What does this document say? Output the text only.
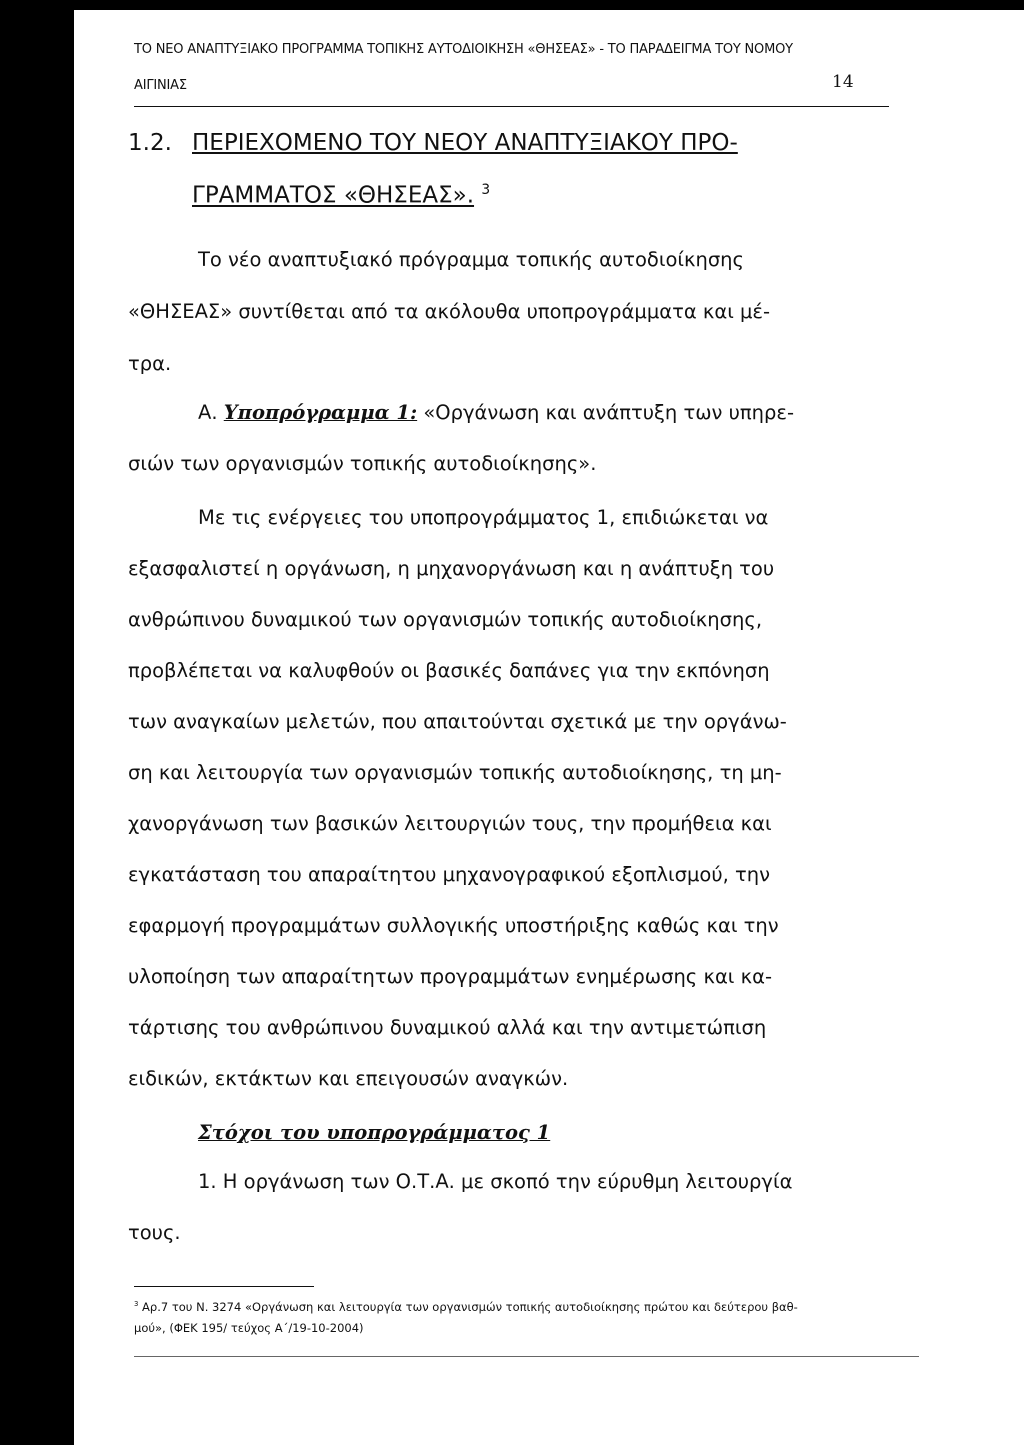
ΤΟ ΝΕΟ ΑΝΑΠΤΥΞΙΑΚΟ ΠΡΟΓΡΑΜΜΑ ΤΟΠΙΚΗΣ ΑΥΤΟΔΙΟΙΚΗΣΗ «ΘΗΣΕΑΣ» - ΤΟ ΠΑΡΑΔΕΙΓΜΑ ΤΟΥ ΝΟΜΟΥ
ΑΙΓΙΝΙΑΣ	14
1.2. ΠΕΡΙΕΧΟΜΕΝΟ ΤΟΥ ΝΕΟΥ ΑΝΑΠΤΥΞΙΑΚΟΥ ΠΡΟ-
ΓΡΑΜΜΑΤΟΣ «ΘΗΣΕΑΣ». $^3$
Το νέο αναπτυξιακό πρόγραμμα τοπικής αυτοδιοίκησης
«ΘΗΣΕΑΣ» συντίθεται από τα ακόλουθα υποπρογράμματα και μέ-
τρα.
Α. Υποπρόγραμμα 1: «Οργάνωση και ανάπτυξη των υπηρε-
σιών των οργανισμών τοπικής αυτοδιοίκησης».
Με τις ενέργειες του υποπρογράμματος 1, επιδιώκεται να
εξασφαλιστεί η οργάνωση, η μηχανοργάνωση και η ανάπτυξη του
ανθρώπινου δυναμικού των οργανισμών τοπικής αυτοδιοίκησης,
προβλέπεται να καλυφθούν οι βασικές δαπάνες για την εκπόνηση
των αναγκαίων μελετών, που απαιτούνται σχετικά με την οργάνω-
ση και λειτουργία των οργανισμών τοπικής αυτοδιοίκησης, τη μη-
χανοργάνωση των βασικών λειτουργιών τους, την προμήθεια και
εγκατάσταση του απαραίτητου μηχανογραφικού εξοπλισμού, την
εφαρμογή προγραμμάτων συλλογικής υποστήριξης καθώς και την
υλοποίηση των απαραίτητων προγραμμάτων ενημέρωσης και κα-
τάρτισης του ανθρώπινου δυναμικού αλλά και την αντιμετώπιση
ειδικών, εκτάκτων και επειγουσών αναγκών.
Στόχοι του υποπρογράμματος 1
1. Η οργάνωση των Ο.Τ.Α. με σκοπό την εύρυθμη λειτουργία
τους.
$^3$ Αρ.7 του Ν. 3274 «Οργάνωση και λειτουργία των οργανισμών τοπικής αυτοδιοίκησης πρώτου και δεύτερου βαθ-
μού», (ΦΕΚ 195/ τεύχος Α΄/19-10-2004)
